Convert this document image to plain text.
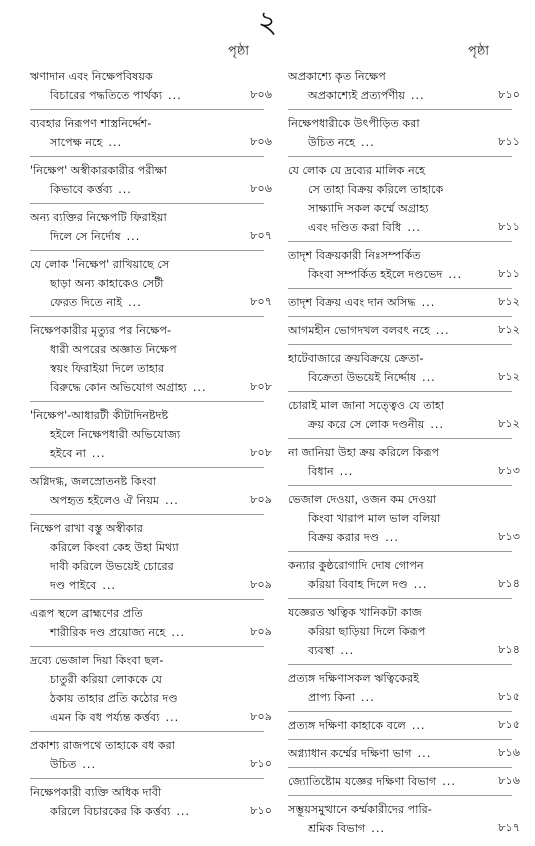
২
পৃষ্ঠা	পৃষ্ঠা
ঋণাদান এবং নিক্ষেপবিষয়ক
বিচারের পদ্ধতিতে পার্থক্য ...	৮০৬
ব্যবহার নিরূপণ শাস্ত্রনির্দ্দেশ-
সাপেক্ষ নহে ...	৮০৬
'নিক্ষেপ' অস্বীকারকারীর পরীক্ষা
কিভাবে কর্ত্তব্য ...	৮০৬
অন্য ব্যক্তির নিক্ষেপটি ফিরাইয়া
দিলে সে নির্দোষ ...	৮০৭
যে লোক 'নিক্ষেপ' রাখিয়াছে সে
ছাড়া অন্য কাহাকেও সেটী
ফেরত দিতে নাই ...	৮০৭
নিক্ষেপকারীর মৃত্যুর পর নিক্ষেপ-
ধারী অপরের অজ্ঞাত নিক্ষেপ
স্বয়ং ফিরাইয়া দিলে তাহার
বিরুদ্ধে কোন অভিযোগ অগ্রাহ্য ...	৮০৮
'নিক্ষেপ'-আধারটী কীটাদিনষ্টদষ্ট
হইলে নিক্ষেপধারী অভিযোজ্য
হইবে না ...	৮০৮
অগ্নিদগ্ধ, জলস্রোতনষ্ট কিংবা
অপহৃত হইলেও ঐ নিয়ম ...	৮০৯
নিক্ষেপ রাখা বস্তু অস্বীকার
করিলে কিংবা কেহ উহা মিথ্যা
দাবী করিলে উভয়েই চোরের
দণ্ড পাইবে ...	৮০৯
এরূপ স্থলে ব্রাহ্মণের প্রতি
শারীরিক দণ্ড প্রয়োজ্য নহে ...	৮০৯
দ্রব্যে ভেজাল দিয়া কিংবা ছল-
চাতুরী করিয়া লোককে যে
ঠকায় তাহার প্রতি কঠোর দণ্ড
এমন কি বধ পর্য্যন্ত কর্ত্তব্য ...	৮০৯
প্রকাশ্য রাজপথে তাহাকে বধ করা
উচিত ...	৮১০
নিক্ষেপকারী ব্যক্তি অধিক দাবী
করিলে বিচারকের কি কর্ত্তব্য ...	৮১০
অপ্রকাশ্যে কৃত নিক্ষেপ
অপ্রকাশ্যেই প্রত্যর্পণীয় ...	৮১০
নিক্ষেপধারীকে উৎপীড়িত করা
উচিত নহে ...	৮১১
যে লোক যে দ্রব্যের মালিক নহে
সে তাহা বিক্রয় করিলে তাহাকে
সাক্ষ্যাদি সকল কর্ম্মে অগ্রাহ্য
এবং দণ্ডিত করা বিধি ...	৮১১
তাদৃশ বিক্রয়কারী নিঃসম্পর্কিত
কিংবা সম্পর্কিত হইলে দণ্ডভেদ ...	৮১১
তাদৃশ বিক্রয় এবং দান অসিদ্ধ ...	৮১২
আগমহীন ভোগদখল বলবৎ নহে ...	৮১২
হাটেবাজারে ক্রয়বিক্রয়ে ক্রেতা-
বিক্রেতা উভয়েই নির্দ্দোষ ...	৮১২
চোরাই মাল জানা সত্ত্বেও যে তাহা
ক্রয় করে সে লোক দণ্ডনীয় ...	৮১২
না জানিয়া উহা ক্রয় করিলে কিরূপ
বিধান ...	৮১৩
ভেজাল দেওয়া, ওজন কম দেওয়া
কিংবা খারাপ মাল ভাল বলিয়া
বিক্রয় করার দণ্ড ...	৮১৩
কন্যার কুষ্ঠরোগাদি দোষ গোপন
করিয়া বিবাহ দিলে দণ্ড ...	৮১৪
যজ্ঞেরত ঋত্বিক খানিকটা কাজ
করিয়া ছাড়িয়া দিলে কিরূপ
ব্যবস্থা ...	৮১৪
প্রত্যঙ্গ দক্ষিণাসকল ঋত্বিকেরই
প্রাপ্য কিনা ...	৮১৫
প্রত্যঙ্গ দক্ষিণা কাহাকে বলে ...	৮১৫
অগ্ন্যাধান কর্ম্মের দক্ষিণা ভাগ ...	৮১৬
জ্যোতিষ্টোম যজ্ঞের দক্ষিণা বিভাগ ...	৮১৬
সম্ভূয়সমুত্থানে কর্ম্মকারীদের পারি-
শ্রমিক বিভাগ ...	৮১৭
